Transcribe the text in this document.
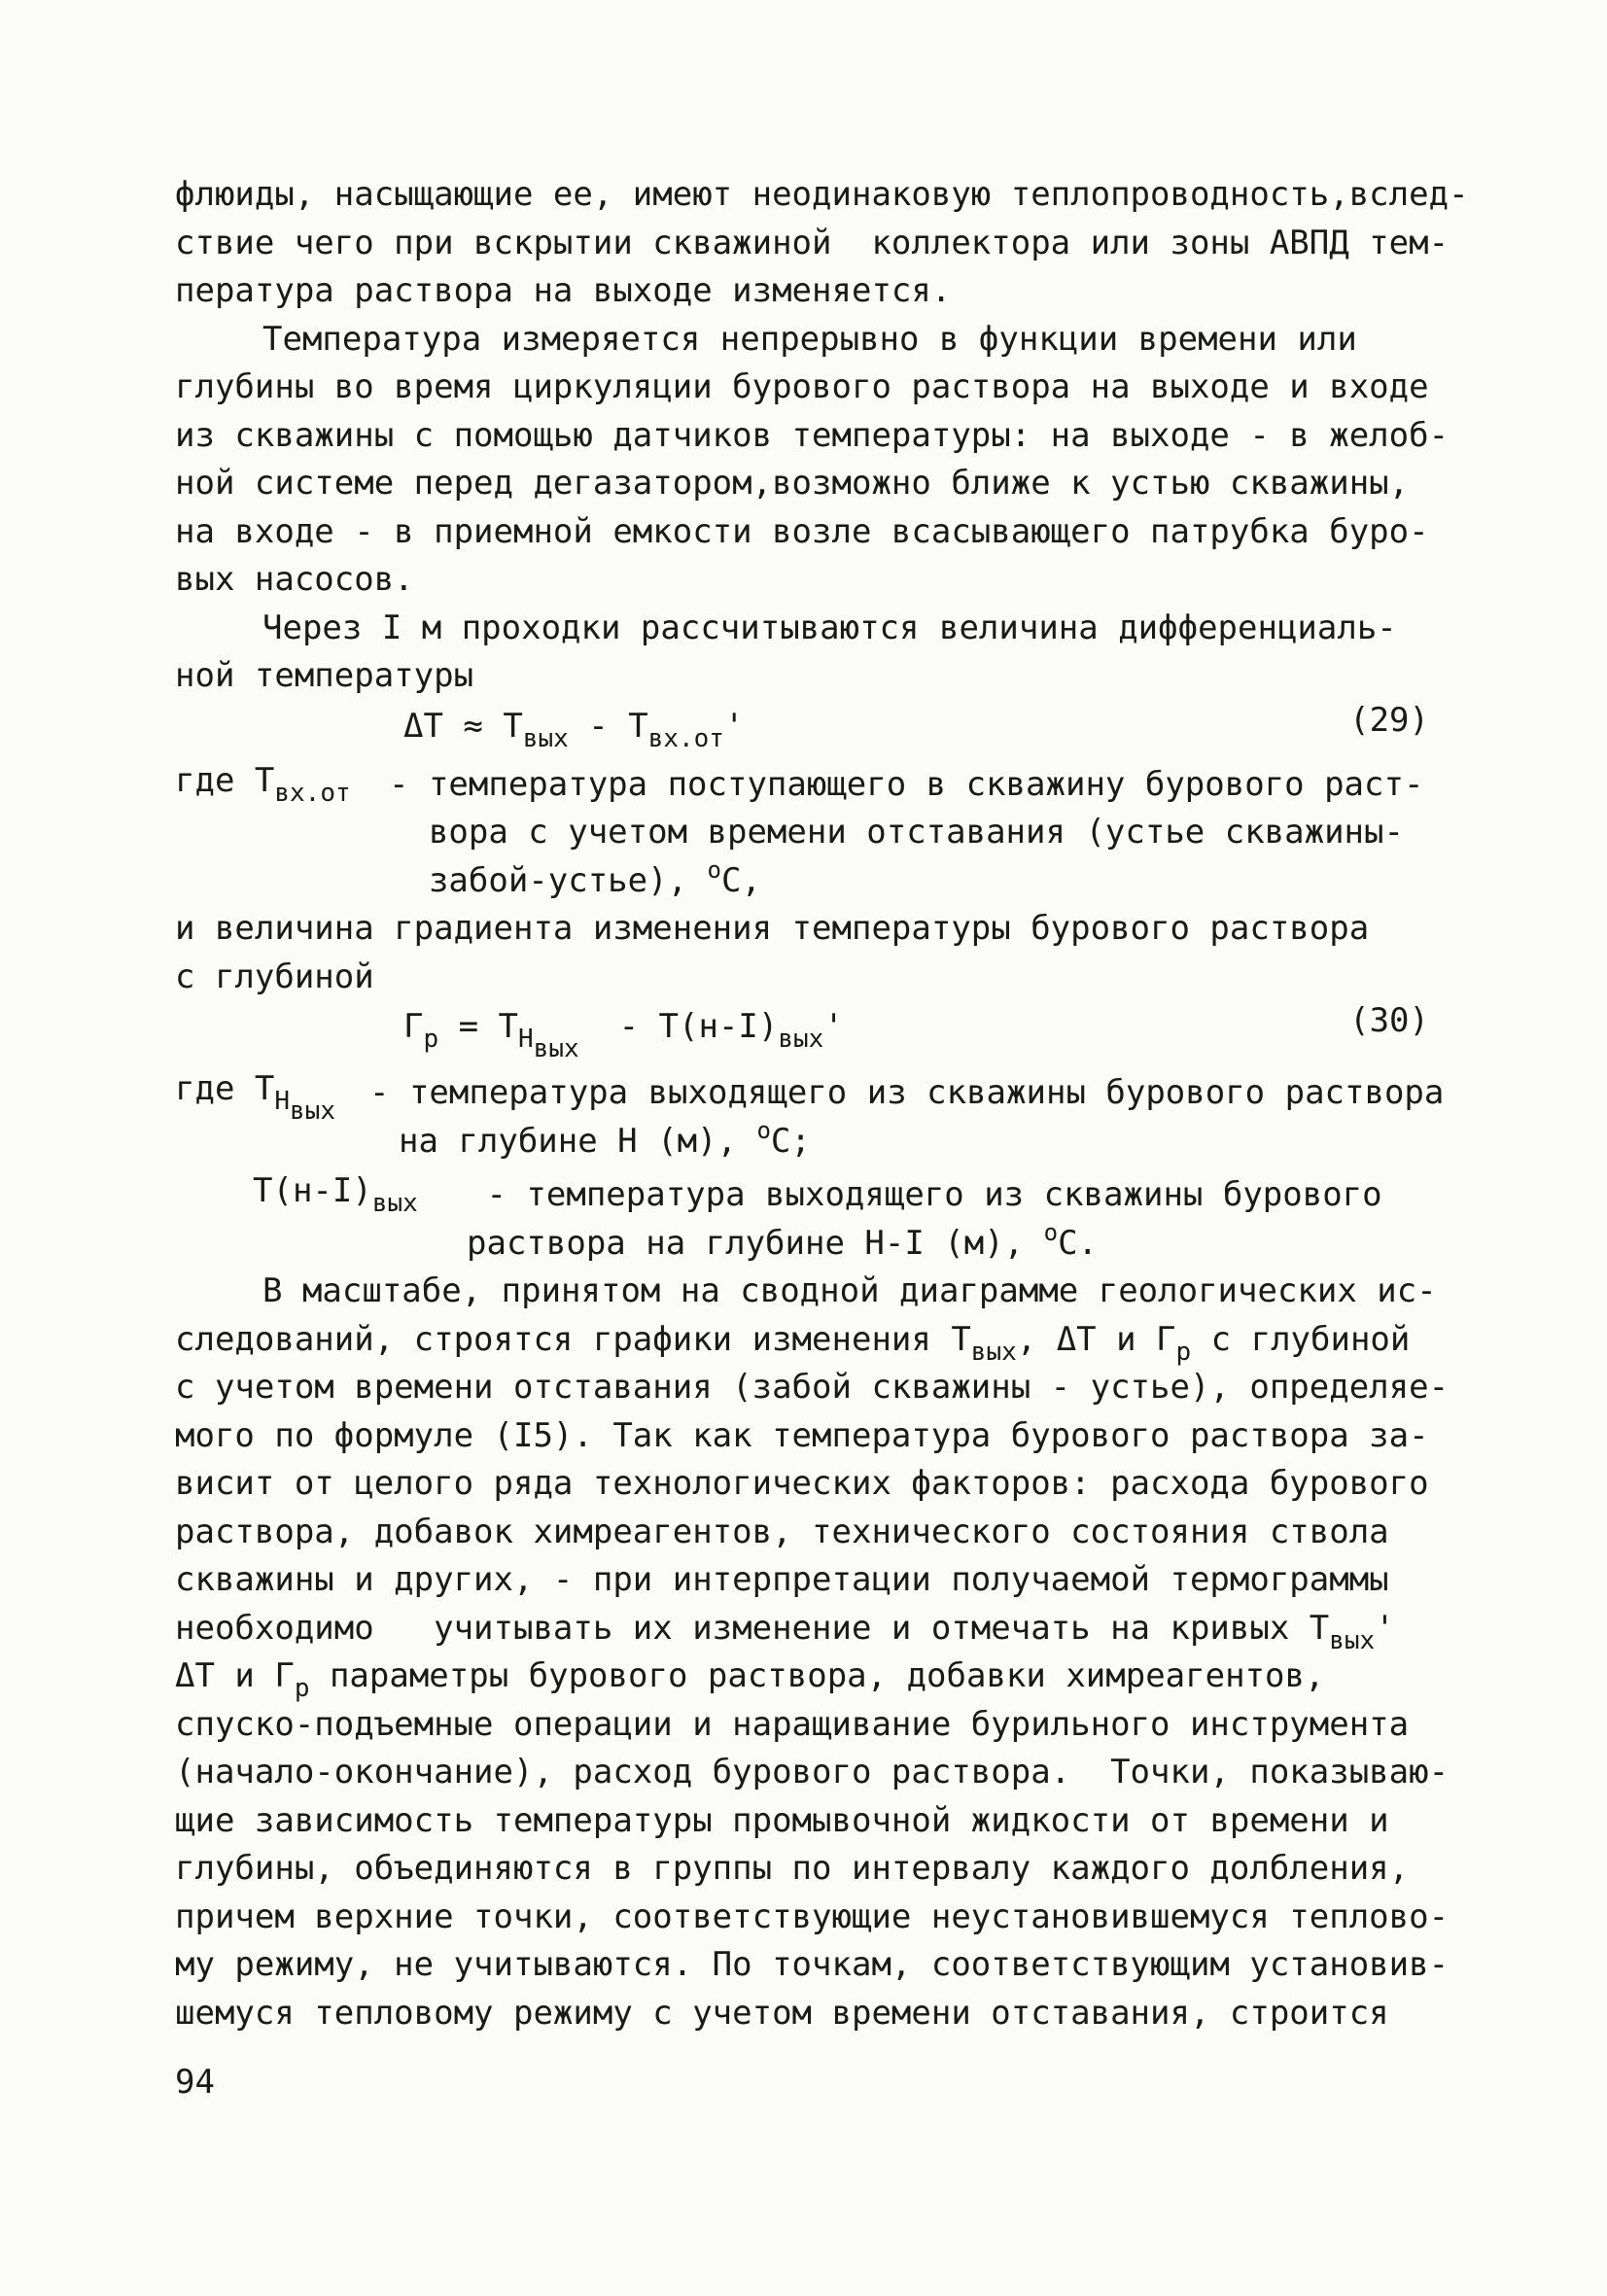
флюиды, насыщающие ее, имеют неодинаковую теплопроводность,вслед-
ствие чего при вскрытии скважиной  коллектора или зоны АВПД тем-
пература раствора на выходе изменяется.
Температура измеряется непрерывно в функции времени или
глубины во время циркуляции бурового раствора на выходе и входе
из скважины с помощью датчиков температуры: на выходе - в желоб-
ной системе перед дегазатором,возможно ближе к устью скважины,
на входе - в приемной емкости возле всасывающего патрубка буро-
вых насосов.
Через I м проходки рассчитываются величина дифференциаль-
ной температуры
$\Delta T \approx T_{вых} - T_{вх.от}'$	(29)
где $T_{вх.от}$ - температура поступающего в скважину бурового раст-
вора с учетом времени отставания (устье скважины-
забой-устье), $^o$C,
и величина градиента изменения температуры бурового раствора
с глубиной
$\Gamma_p = T_{H_{вых}} - T(н-I)_{вых}'$	(30)
где $T_{H_{вых}}$ - температура выходящего из скважины бурового раствора
на глубине H (м), $^o$C;
$T(н-I)_{вых}$ - температура выходящего из скважины бурового
раствора на глубине H-I (м), $^o$C.
В масштабе, принятом на сводной диаграмме геологических ис-
следований, строятся графики изменения $T_{вых}$, ΔT и $\Gamma_p$ с глубиной
с учетом времени отставания (забой скважины - устье), определяе-
мого по формуле (I5). Так как температура бурового раствора за-
висит от целого ряда технологических факторов: расхода бурового
раствора, добавок химреагентов, технического состояния ствола
скважины и других, - при интерпретации получаемой термограммы
необходимо   учитывать их изменение и отмечать на кривых $T_{вых}'$
ΔT и $\Gamma_p$ параметры бурового раствора, добавки химреагентов,
спуско-подъемные операции и наращивание бурильного инструмента
(начало-окончание), расход бурового раствора.  Точки, показываю-
щие зависимость температуры промывочной жидкости от времени и
глубины, объединяются в группы по интервалу каждого долбления,
причем верхние точки, соответствующие неустановившемуся теплово-
му режиму, не учитываются. По точкам, соответствующим установив-
шемуся тепловому режиму с учетом времени отставания, строится
94
